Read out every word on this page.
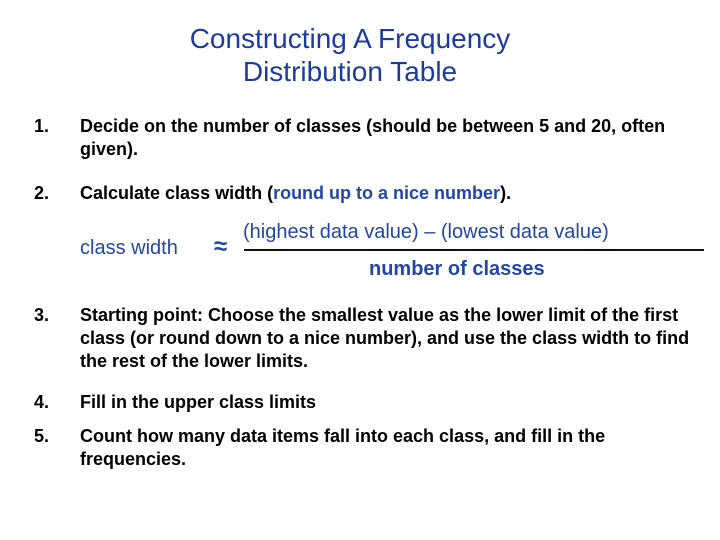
Constructing A Frequency
Distribution Table
1. Decide on the number of classes (should be between 5 and 20, often given).
2. Calculate class width (round up to a nice number).
class width ≈
(highest data value) – (lowest data value)
number of classes
3. Starting point: Choose the smallest value as the lower limit of the first class (or round down to a nice number), and use the class width to find the rest of the lower limits.
4. Fill in the upper class limits
5. Count how many data items fall into each class, and fill in the frequencies.
